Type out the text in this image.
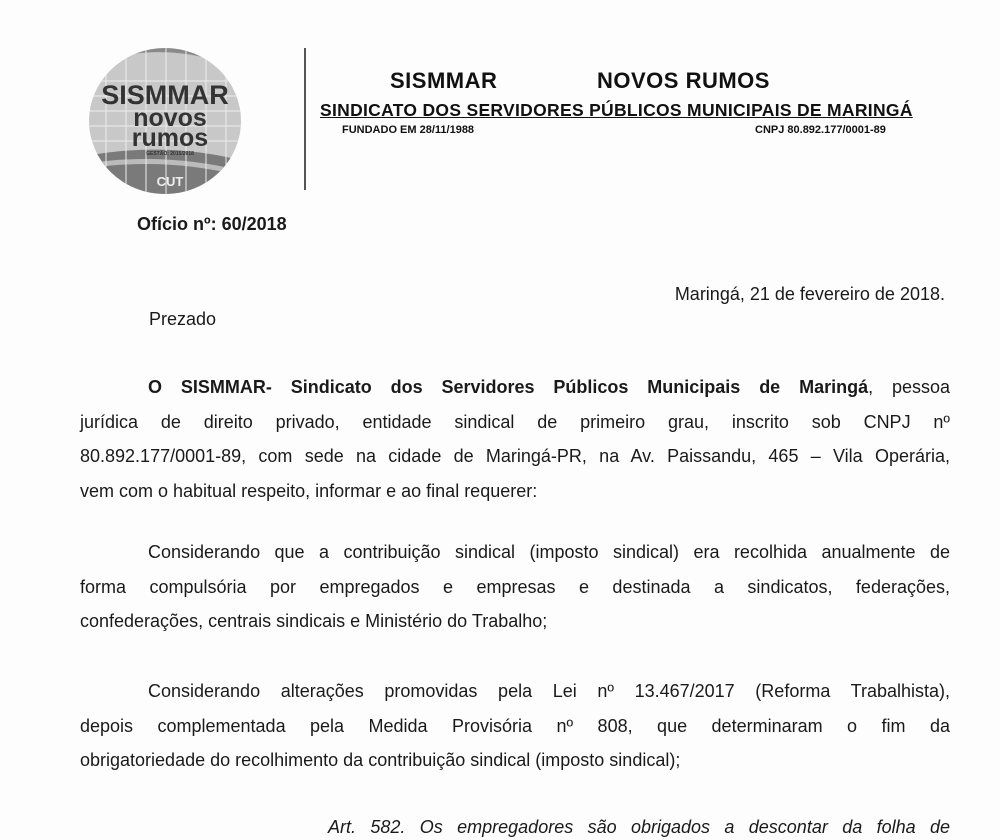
SISMMAR
novos
rumos
GESTÃO: 2015/2018
CUT
SISMMAR	NOVOS RUMOS
SINDICATO DOS SERVIDORES PÚBLICOS MUNICIPAIS DE MARINGÁ
FUNDADO EM 28/11/1988	CNPJ 80.892.177/0001-89
Ofício nº: 60/2018
Maringá, 21 de fevereiro de 2018.
Prezado
O SISMMAR- Sindicato dos Servidores Públicos Municipais de Maringá, pessoa
jurídica de direito privado, entidade sindical de primeiro grau, inscrito sob CNPJ nº
80.892.177/0001-89, com sede na cidade de Maringá-PR, na Av. Paissandu, 465 – Vila Operária,
vem com o habitual respeito, informar e ao final requerer:
Considerando que a contribuição sindical (imposto sindical) era recolhida anualmente de
forma compulsória por empregados e empresas e destinada a sindicatos, federações,
confederações, centrais sindicais e Ministério do Trabalho;
Considerando alterações promovidas pela Lei nº 13.467/2017 (Reforma Trabalhista),
depois complementada pela Medida Provisória nº 808, que determinaram o fim da
obrigatoriedade do recolhimento da contribuição sindical (imposto sindical);
Art. 582. Os empregadores são obrigados a descontar da folha de
